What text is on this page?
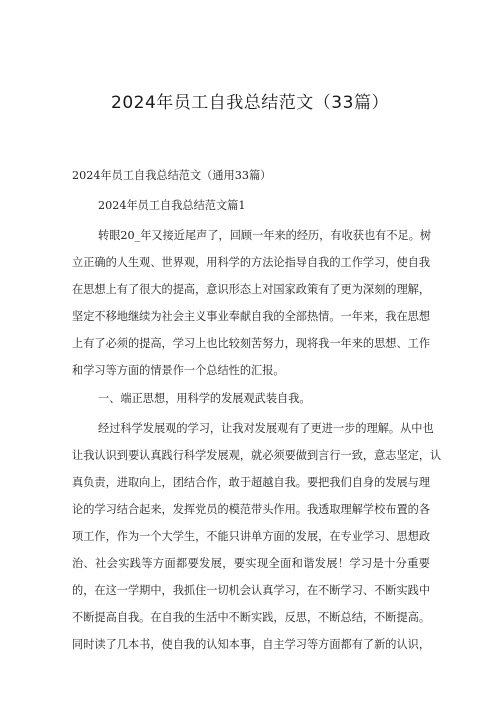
2024年员工自我总结范文（33篇）
2024年员工自我总结范文（通用33篇）
2024年员工自我总结范文篇1
转眼20_年又接近尾声了，回顾一年来的经历，有收获也有不足。树
立正确的人生观、世界观，用科学的方法论指导自我的工作学习，使自我
在思想上有了很大的提高，意识形态上对国家政策有了更为深刻的理解，
坚定不移地继续为社会主义事业奉献自我的全部热情。一年来，我在思想
上有了必须的提高，学习上也比较刻苦努力，现将我一年来的思想、工作
和学习等方面的情景作一个总结性的汇报。
一、端正思想，用科学的发展观武装自我。
经过科学发展观的学习，让我对发展观有了更进一步的理解。从中也
让我认识到要认真践行科学发展观，就必须要做到言行一致，意志坚定，认
真负责，进取向上，团结合作，敢于超越自我。要把我们自身的发展与理
论的学习结合起来，发挥党员的模范带头作用。我透取理解学校布置的各
项工作，作为一个大学生，不能只讲单方面的发展，在专业学习、思想政
治、社会实践等方面都要发展，要实现全面和谐发展！学习是十分重要
的，在这一学期中，我抓住一切机会认真学习，在不断学习、不断实践中
不断提高自我。在自我的生活中不断实践，反思，不断总结，不断提高。
同时读了几本书，使自我的认知本事，自主学习等方面都有了新的认识，
